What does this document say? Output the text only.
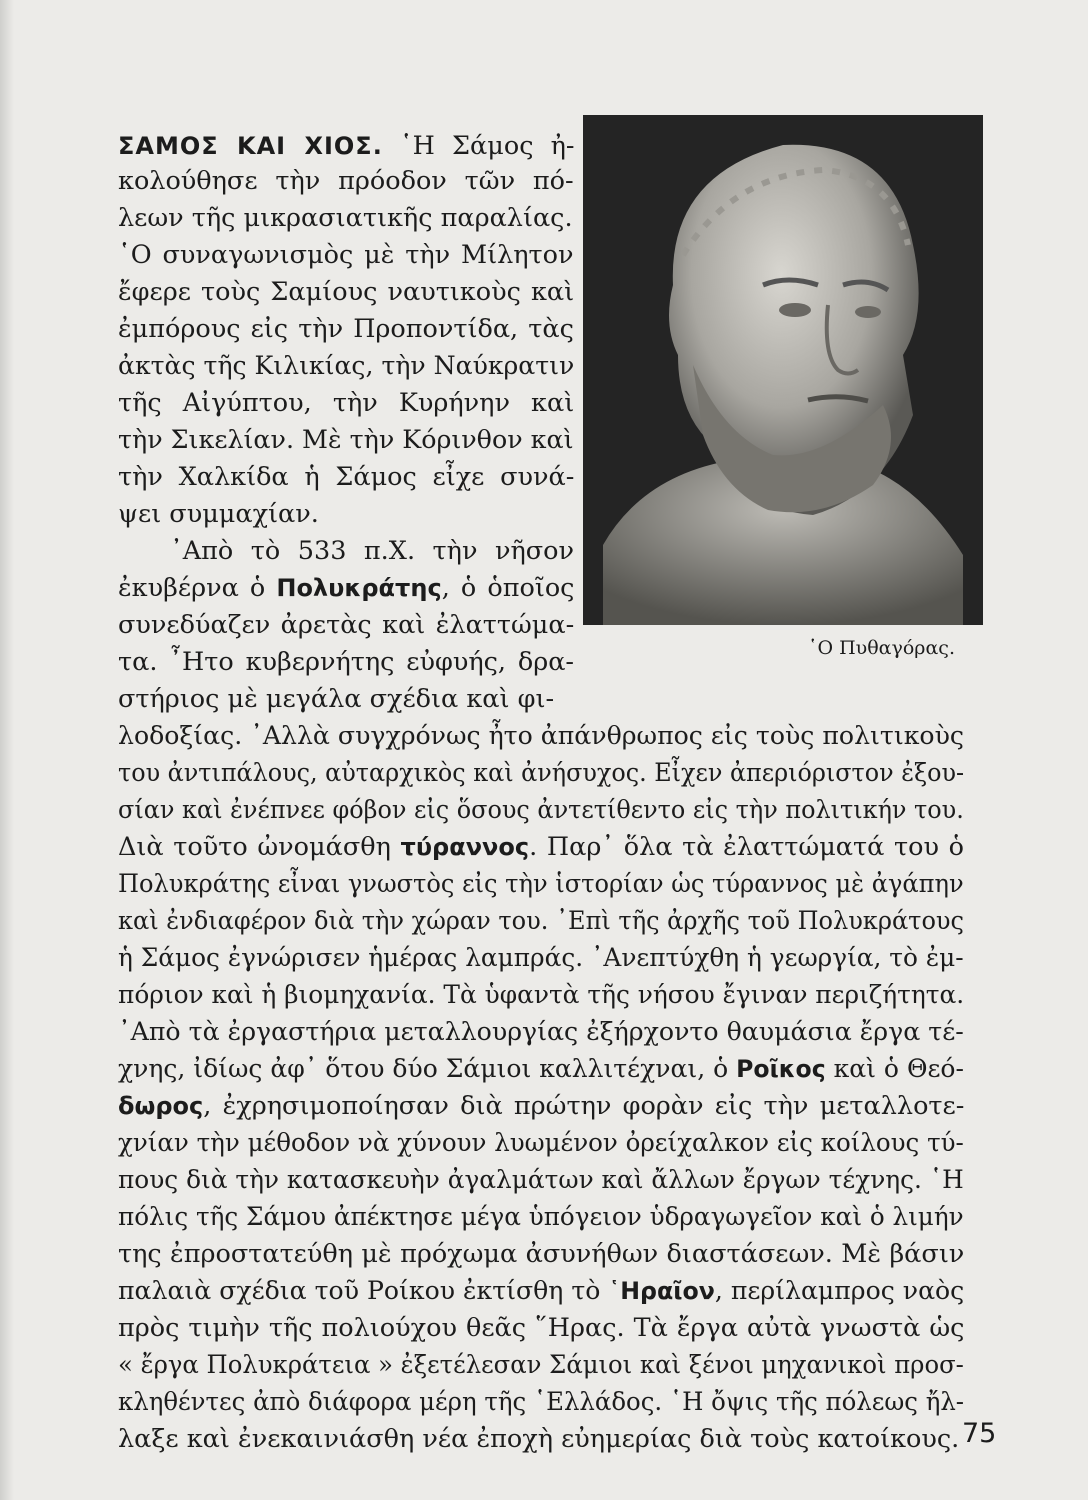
῾Ο Πυθαγόρας.
ΣΑΜΟΣ ΚΑΙ ΧΙΟΣ. ῾Η Σάμος ἠ-
κολούθησε τὴν πρόοδον τῶν πό-
λεων τῆς μικρασιατικῆς παραλίας.
῾Ο συναγωνισμὸς μὲ τὴν Μίλητον
ἔφερε τοὺς Σαμίους ναυτικοὺς καὶ
ἐμπόρους εἰς τὴν Προποντίδα, τὰς
ἀκτὰς τῆς Κιλικίας, τὴν Ναύκρατιν
τῆς Αἰγύπτου, τὴν Κυρήνην καὶ
τὴν Σικελίαν. Μὲ τὴν Κόρινθον καὶ
τὴν Χαλκίδα ἡ Σάμος εἶχε συνά-
ψει συμμαχίαν.
᾿Απὸ τὸ 533 π.Χ. τὴν νῆσον
ἐκυβέρνα ὁ Πολυκράτης, ὁ ὁποῖος
συνεδύαζεν ἀρετὰς καὶ ἐλαττώμα-
τα. ῏Ητο κυβερνήτης εὐφυής, δρα-
στήριος μὲ μεγάλα σχέδια καὶ φι-
λοδοξίας. ᾿Αλλὰ συγχρόνως ἦτο ἀπάνθρωπος εἰς τοὺς πολιτικοὺς
του ἀντιπάλους, αὐταρχικὸς καὶ ἀνήσυχος. Εἶχεν ἀπεριόριστον ἐξου-
σίαν καὶ ἐνέπνεε φόβον εἰς ὅσους ἀντετίθεντο εἰς τὴν πολιτικήν του.
Διὰ τοῦτο ὠνομάσθη τύραννος. Παρ᾿ ὅλα τὰ ἐλαττώματά του ὁ
Πολυκράτης εἶναι γνωστὸς εἰς τὴν ἱστορίαν ὡς τύραννος μὲ ἀγάπην
καὶ ἐνδιαφέρον διὰ τὴν χώραν του. ᾿Επὶ τῆς ἀρχῆς τοῦ Πολυκράτους
ἡ Σάμος ἐγνώρισεν ἡμέρας λαμπράς. ᾿Ανεπτύχθη ἡ γεωργία, τὸ ἐμ-
πόριον καὶ ἡ βιομηχανία. Τὰ ὑφαντὰ τῆς νήσου ἔγιναν περιζήτητα.
᾿Απὸ τὰ ἐργαστήρια μεταλλουργίας ἐξήρχοντο θαυμάσια ἔργα τέ-
χνης, ἰδίως ἀφ᾿ ὅτου δύο Σάμιοι καλλιτέχναι, ὁ Ροῖκος καὶ ὁ Θεό-
δωρος, ἐχρησιμοποίησαν διὰ πρώτην φορὰν εἰς τὴν μεταλλοτε-
χνίαν τὴν μέθοδον νὰ χύνουν λυωμένον ὀρείχαλκον εἰς κοίλους τύ-
πους διὰ τὴν κατασκευὴν ἀγαλμάτων καὶ ἄλλων ἔργων τέχνης. ῾Η
πόλις τῆς Σάμου ἀπέκτησε μέγα ὑπόγειον ὑδραγωγεῖον καὶ ὁ λιμήν
της ἐπροστατεύθη μὲ πρόχωμα ἀσυνήθων διαστάσεων. Μὲ βάσιν
παλαιὰ σχέδια τοῦ Ροίκου ἐκτίσθη τὸ ῾Ηραῖον, περίλαμπρος ναὸς
πρὸς τιμὴν τῆς πολιούχου θεᾶς ῞Ηρας. Τὰ ἔργα αὐτὰ γνωστὰ ὡς
« ἔργα Πολυκράτεια » ἐξετέλεσαν Σάμιοι καὶ ξένοι μηχανικοὶ προσ-
κληθέντες ἀπὸ διάφορα μέρη τῆς ῾Ελλάδος. ῾Η ὄψις τῆς πόλεως ἤλ-
λαξε καὶ ἐνεκαινιάσθη νέα ἐποχὴ εὐημερίας διὰ τοὺς κατοίκους. 75
